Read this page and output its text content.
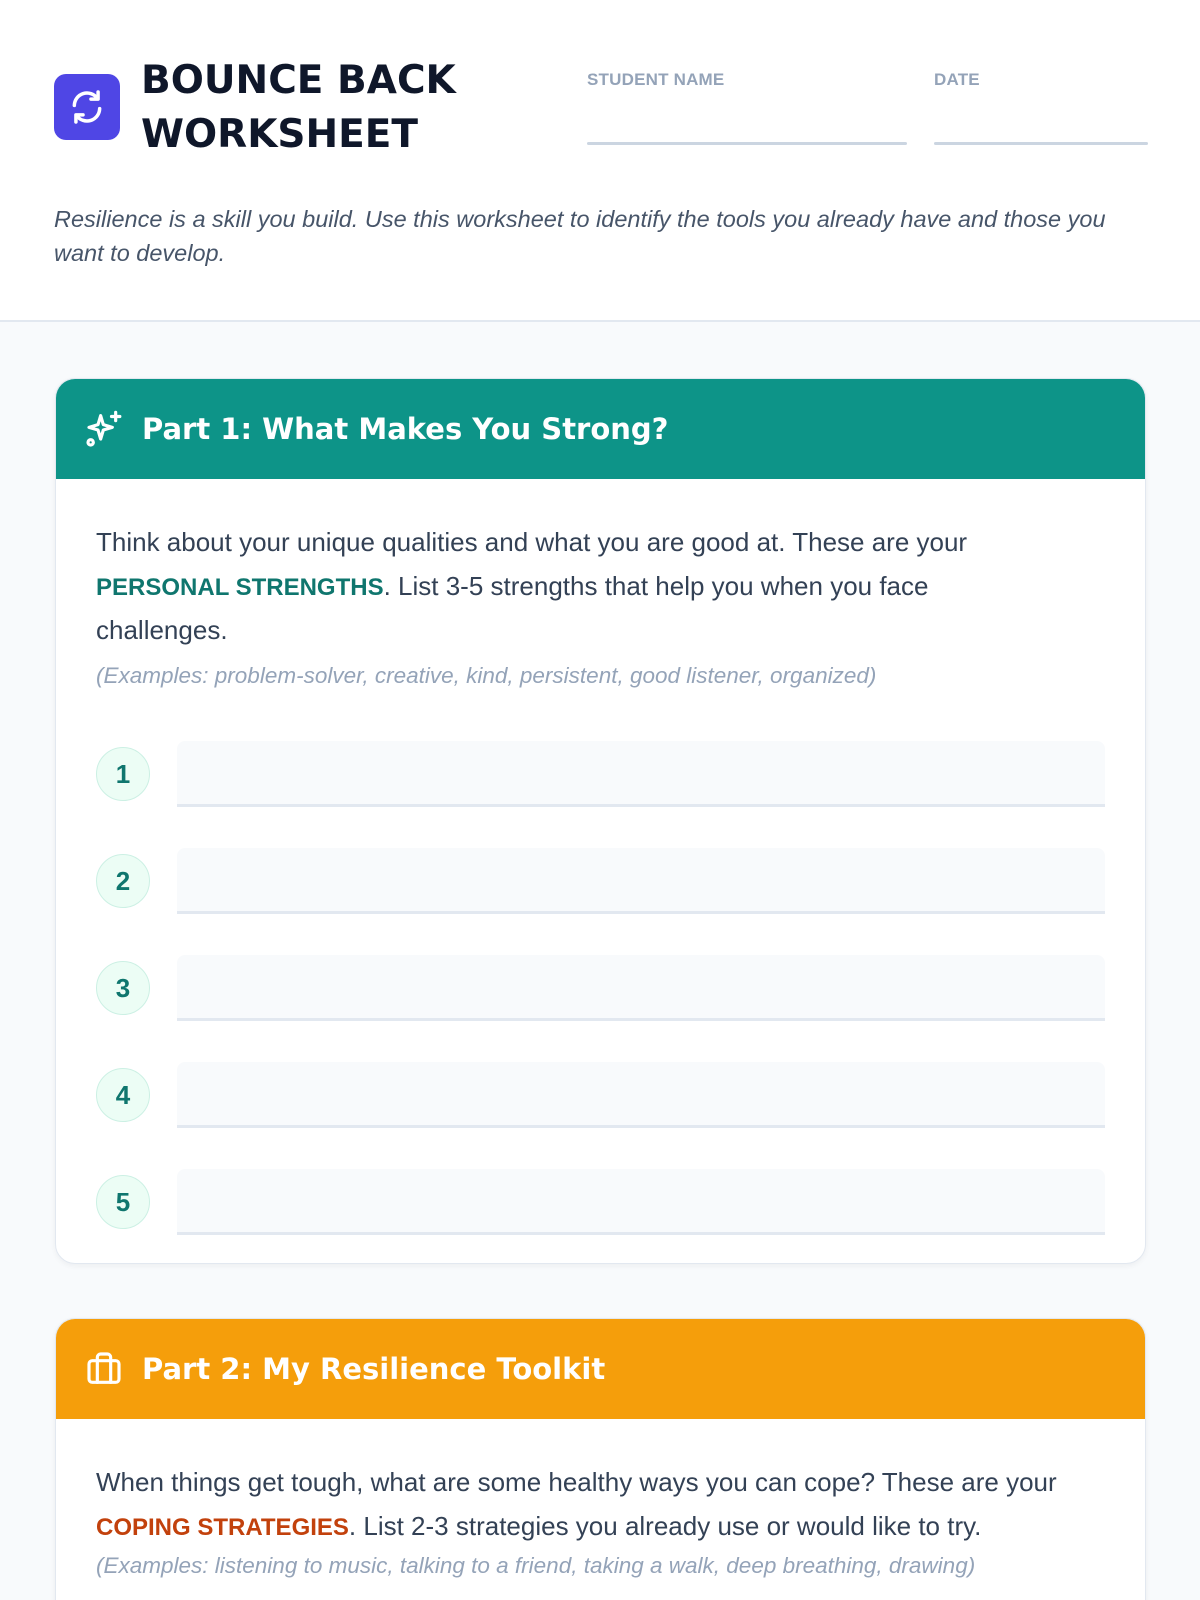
BOUNCE BACK
WORKSHEET
STUDENT NAME	DATE
Resilience is a skill you build. Use this worksheet to identify the tools you already have and those you want to develop.
Part 1: What Makes You Strong?
Think about your unique qualities and what you are good at. These are your PERSONAL STRENGTHS. List 3-5 strengths that help you when you face challenges.
(Examples: problem-solver, creative, kind, persistent, good listener, organized)
1
2
3
4
5
Part 2: My Resilience Toolkit
When things get tough, what are some healthy ways you can cope? These are your COPING STRATEGIES. List 2-3 strategies you already use or would like to try.
(Examples: listening to music, talking to a friend, taking a walk, deep breathing, drawing)
